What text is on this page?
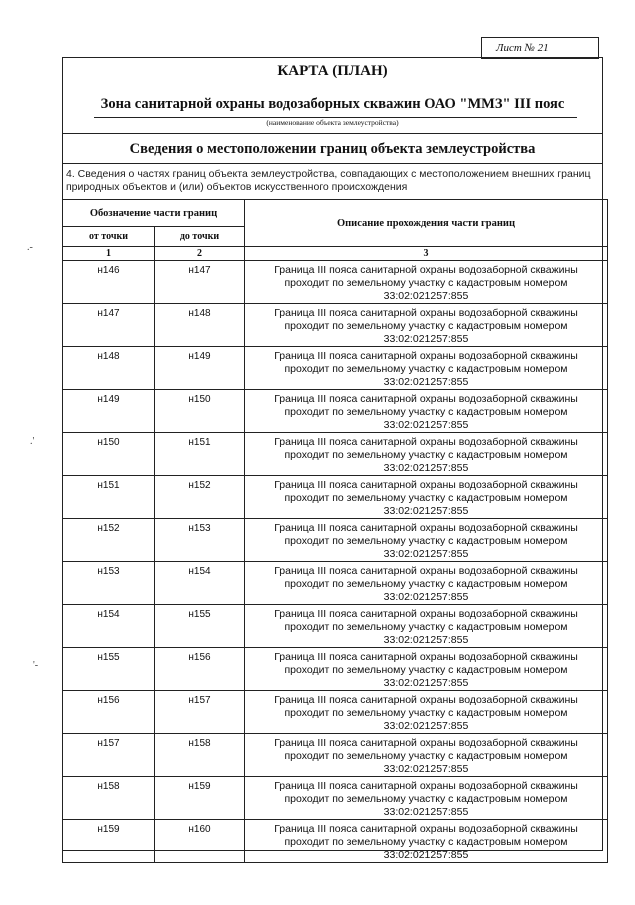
Лист № 21
КАРТА (ПЛАН)
Зона санитарной охраны водозаборных скважин ОАО "ММЗ" III пояс
(наименование объекта землеустройства)
Сведения о местоположении границ объекта землеустройства
4. Сведения о частях границ объекта землеустройства, совпадающих с местоположением внешних границ природных объектов и (или) объектов искусственного происхождения
Обозначение части границ		Описание прохождения части границ
от точки	до точки	
1	2	3
н146	н147	Граница III пояса санитарной охраны водозаборной скважины
проходит по земельному участку с кадастровым номером
33:02:021257:855

н147	н148	Граница III пояса санитарной охраны водозаборной скважины
проходит по земельному участку с кадастровым номером
33:02:021257:855

н148	н149	Граница III пояса санитарной охраны водозаборной скважины
проходит по земельному участку с кадастровым номером
33:02:021257:855

н149	н150	Граница III пояса санитарной охраны водозаборной скважины
проходит по земельному участку с кадастровым номером
33:02:021257:855

н150	н151	Граница III пояса санитарной охраны водозаборной скважины
проходит по земельному участку с кадастровым номером
33:02:021257:855

н151	н152	Граница III пояса санитарной охраны водозаборной скважины
проходит по земельному участку с кадастровым номером
33:02:021257:855

н152	н153	Граница III пояса санитарной охраны водозаборной скважины
проходит по земельному участку с кадастровым номером
33:02:021257:855

н153	н154	Граница III пояса санитарной охраны водозаборной скважины
проходит по земельному участку с кадастровым номером
33:02:021257:855

н154	н155	Граница III пояса санитарной охраны водозаборной скважины
проходит по земельному участку с кадастровым номером
33:02:021257:855

н155	н156	Граница III пояса санитарной охраны водозаборной скважины
проходит по земельному участку с кадастровым номером
33:02:021257:855

н156	н157	Граница III пояса санитарной охраны водозаборной скважины
проходит по земельному участку с кадастровым номером
33:02:021257:855

н157	н158	Граница III пояса санитарной охраны водозаборной скважины
проходит по земельному участку с кадастровым номером
33:02:021257:855

н158	н159	Граница III пояса санитарной охраны водозаборной скважины
проходит по земельному участку с кадастровым номером
33:02:021257:855

н159	н160	Граница III пояса санитарной охраны водозаборной скважины
проходит по земельному участку с кадастровым номером
33:02:021257:855
.-
.'
'-
